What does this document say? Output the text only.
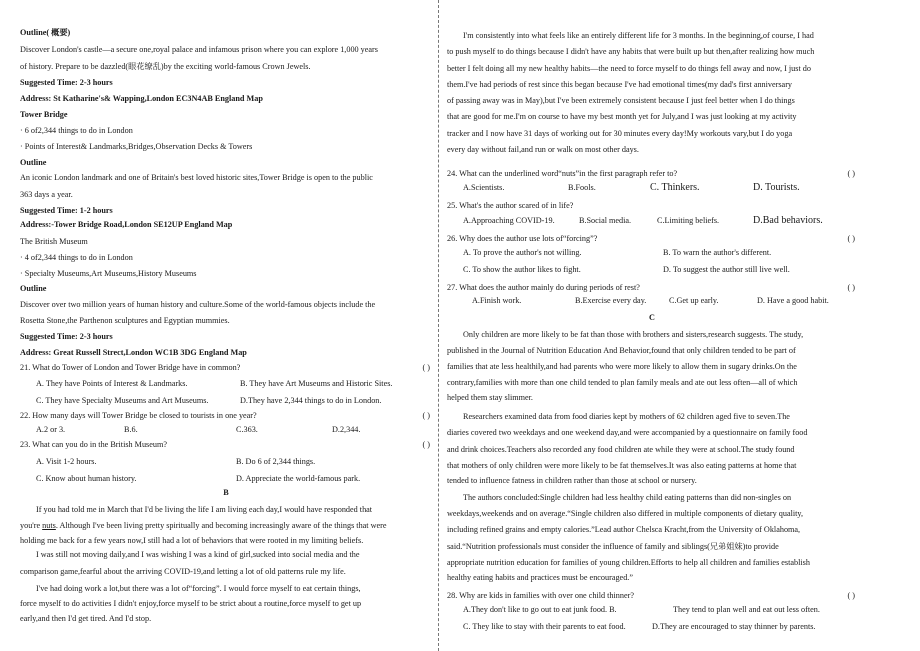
Outline( 概要)
Discover London's castle—a secure one,royal palace and infamous prison where you can explore 1,000 years
of history. Prepare to be dazzled(眼花缭乱)by the exciting world-famous Crown Jewels.
Suggested Time: 2-3 hours
Address: St Katharine's& Wapping,London EC3N4AB England Map
Tower Bridge
· 6 of2,344 things to do in London
· Points of Interest& Landmarks,Bridges,Observation Decks & Towers
Outline
An iconic London landmark and one of Britain's best loved historic sites,Tower Bridge is open to the public
363 days a year.
Suggested Time: 1-2 hours
Address:-Tower Bridge Road,London SE12UP England Map
The British Museum
· 4 of2,344 things to do in London
· Specialty Museums,Art Museums,History Museums
Outline
Discover over two million years of human history and culture.Some of the world-famous objects include the
Rosetta Stone,the Parthenon sculptures and Egyptian mummies.
Suggested Time: 2-3 hours
Address: Great Russell Strect,London WC1B 3DG England Map
21. What do Tower of London and Tower Bridge have in common?	( )
A. They have Points of Interest & Landmarks.	B. They have Art Museums and Historic Sites.
C. They have Specialty Museums and Art Museums.	D.They have 2,344 things to do in London.
22. How many days will Tower Bridge be closed to tourists in one year?	( )
A.2 or 3.	B.6.	C.363.	D.2,344.
23. What can you do in the British Museum?	( )
A. Visit 1-2 hours.	B. Do 6 of 2,344 things.
C. Know about human history.	D. Appreciate the world-famous park.
B
If you had told me in March that I'd be living the life I am living each day,I would have responded that
you're nuts. Although I've been living pretty spiritually and becoming increasingly aware of the things that were
holding me back for a few years now,I still had a lot of behaviors that were rooted in my limiting beliefs.
I was still not moving daily,and I was wishing I was a kind of girl,sucked into social media and the
comparison game,fearful about the arriving COVID-19,and letting a lot of old patterns rule my life.
I've had doing work a lot,but there was a lot of“forcing”. I would force myself to eat certain things,
force myself to do activities I didn't enjoy,force myself to be strict about a routine,force myself to get up
early,and then I'd get tired. And I'd stop.
I'm consistently into what feels like an entirely different life for 3 months. In the beginning,of course, I had
to push myself to do things because I didn't have any habits that were built up but then,after realizing how much
better I felt doing all my new healthy habits—the need to force myself to do things fell away and now, I just do
them.I've had periods of rest since this began because I've had emotional times(my dad's first anniversary
of passing away was in May),but I've been extremely consistent because I just feel better when I do things
that are good for me.I'm on course to have my best month yet for July,and I was just looking at my activity
tracker and I now have 31 days of working out for 30 minutes every day!My workouts vary,but I do yoga
every day without fail,and run or walk on most other days.
24. What can the underlined word“nuts”in the first paragraph refer to?	( )
A.Scientists.	B.Fools.	C. Thinkers.	D. Tourists.
25. What's the author scared of in life?
A.Approaching COVID-19.	B.Social media.	C.Limiting beliefs.	D.Bad behaviors.
26. Why does the author use lots of“forcing”?	( )
A. To prove the author's not willing.	B. To warn the author's different.
C. To show the author likes to fight.	D. To suggest the author still live well.
27. What does the author mainly do during periods of rest?	( )
A.Finish work.	B.Exercise every day.	C.Get up early.	D. Have a good habit.
C
Only children are more likely to be fat than those with brothers and sisters,research suggests. The study,
published in the Journal of Nutrition Education And Behavior,found that only children tended to be part of
families that ate less healthily,and had parents who were more likely to allow them in sugary drinks.On the
contrary,families with more than one child tended to plan family meals and ate out less often—all of which
helped them stay slimmer.
Researchers examined data from food diaries kept by mothers of 62 children aged five to seven.The
diaries covered two weekdays and one weekend day,and were accompanied by a questionnaire on family food
and drink choices.Teachers also recorded any food children ate while they were at school.The study found
that mothers of only children were more likely to be fat themselves.It was also eating patterns at home that
tended to influence fatness in children rather than those at school or nursery.
The authors concluded:Single children had less healthy child eating patterns than did non-singles on
weekdays,weekends and on average.“Single children also differed in multiple components of dietary quality,
including refined grains and empty calories.”Lead author Chelsca Kracht,from the University of Oklahoma,
said.“Nutrition professionals must consider the influence of family and siblings(兄弟姐妹)to provide
appropriate nutrition education for families of young children.Efforts to help all children and families establish
healthy eating habits and practices must be encouraged.”
28. Why are kids in families with over one child thinner?	( )
A.They don't like to go out to eat junk food. B.	They tend to plan well and eat out less often.
C. They like to stay with their parents to eat food.	D.They are encouraged to stay thinner by parents.
